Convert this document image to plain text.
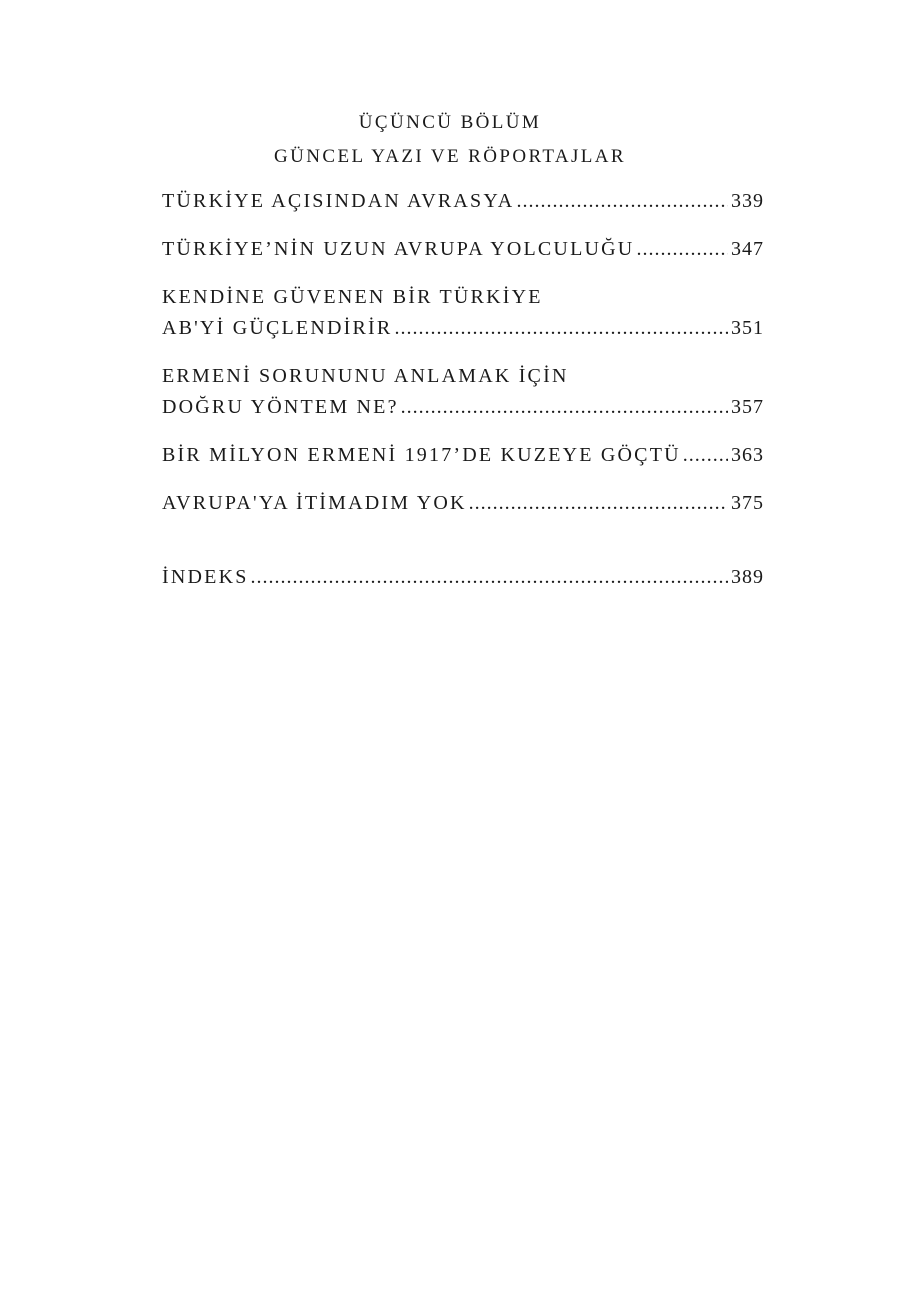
ÜÇÜNCÜ BÖLÜM
GÜNCEL YAZI VE RÖPORTAJLAR
TÜRKİYE AÇISINDAN AVRASYA .....	339
TÜRKİYE’NİN UZUN AVRUPA YOLCULUĞU .....	347
KENDİNE GÜVENEN BİR TÜRKİYE
AB'Yİ GÜÇLENDİRİR .....	351
ERMENİ SORUNUNU ANLAMAK İÇİN
DOĞRU YÖNTEM NE? .....	357
BİR MİLYON ERMENİ 1917’DE KUZEYE GÖÇTÜ .....	363
AVRUPA'YA İTİMADIM YOK .....	375
İNDEKS .....	389
